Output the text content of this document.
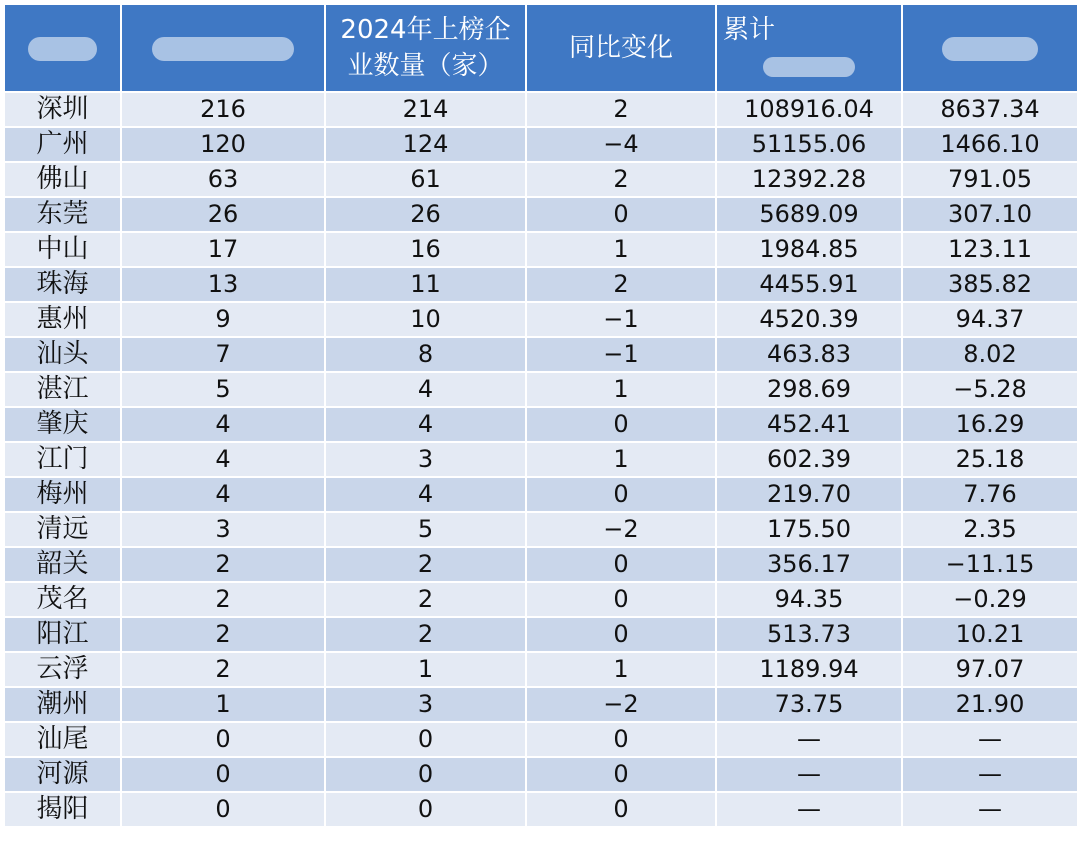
		2024年上榜企
业数量（家）	同比变化	累计	

深圳	216	214	2	108916.04	8637.34
广州	120	124	−4	51155.06	1466.10
佛山	63	61	2	12392.28	791.05
东莞	26	26	0	5689.09	307.10
中山	17	16	1	1984.85	123.11
珠海	13	11	2	4455.91	385.82
惠州	9	10	−1	4520.39	94.37
汕头	7	8	−1	463.83	8.02
湛江	5	4	1	298.69	−5.28
肇庆	4	4	0	452.41	16.29
江门	4	3	1	602.39	25.18
梅州	4	4	0	219.70	7.76
清远	3	5	−2	175.50	2.35
韶关	2	2	0	356.17	−11.15
茂名	2	2	0	94.35	−0.29
阳江	2	2	0	513.73	10.21
云浮	2	1	1	1189.94	97.07
潮州	1	3	−2	73.75	21.90
汕尾	0	0	0	—	—
河源	0	0	0	—	—
揭阳	0	0	0	—	—
